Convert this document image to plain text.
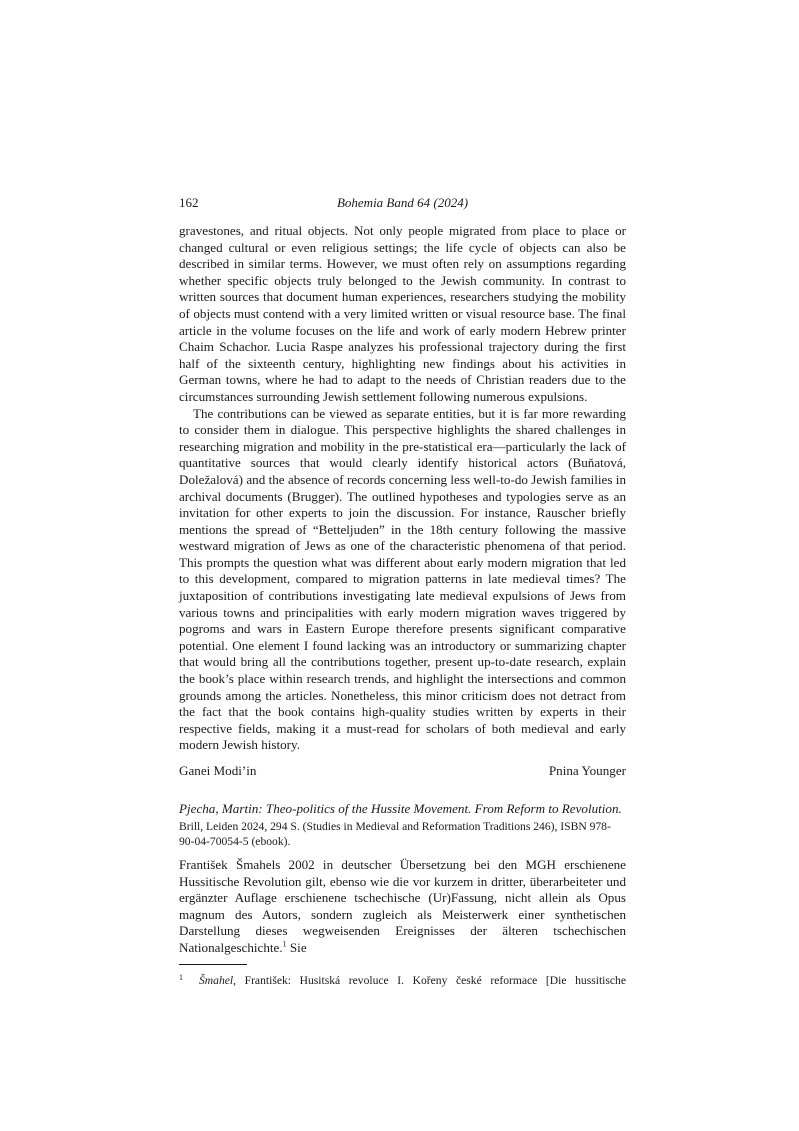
162	Bohemia Band 64 (2024)

gravestones, and ritual objects. Not only people migrated from place to place or changed cultural or even religious settings; the life cycle of objects can also be described in similar terms. However, we must often rely on assumptions regarding whether specific objects truly belonged to the Jewish community. In contrast to written sources that document human experiences, researchers studying the mobility of objects must contend with a very limited written or visual resource base. The final article in the volume focuses on the life and work of early modern Hebrew printer Chaim Schachor. Lucia Raspe analyzes his professional trajectory during the first half of the sixteenth century, highlighting new findings about his activities in German towns, where he had to adapt to the needs of Christian readers due to the circumstances surrounding Jewish settlement following numerous expulsions.

The contributions can be viewed as separate entities, but it is far more rewarding to consider them in dialogue. This perspective highlights the shared challenges in researching migration and mobility in the pre-statistical era—particularly the lack of quantitative sources that would clearly identify historical actors (Buňatová, Doležalová) and the absence of records concerning less well-to-do Jewish families in archival documents (Brugger). The outlined hypotheses and typologies serve as an invitation for other experts to join the discussion. For instance, Rauscher briefly mentions the spread of “Betteljuden” in the 18th century following the massive westward migration of Jews as one of the characteristic phenomena of that period. This prompts the question what was different about early modern migration that led to this development, compared to migration patterns in late medieval times? The juxtaposition of contributions investigating late medieval expulsions of Jews from various towns and principalities with early modern migration waves triggered by pogroms and wars in Eastern Europe therefore presents significant comparative potential. One element I found lacking was an introductory or summarizing chapter that would bring all the contributions together, present up-to-date research, explain the book’s place within research trends, and highlight the intersections and common grounds among the articles. Nonetheless, this minor criticism does not detract from the fact that the book contains high-quality studies written by experts in their respective fields, making it a must-read for scholars of both medieval and early modern Jewish history.

Ganei Modi’in	Pnina Younger
Pjecha, Martin: Theo-politics of the Hussite Movement. From Reform to Revolution.
Brill, Leiden 2024, 294 S. (Studies in Medieval and Reformation Traditions 246), ISBN 978-90-04-70054-5 (ebook).
František Šmahels 2002 in deutscher Übersetzung bei den MGH erschienene Hussitische Revolution gilt, ebenso wie die vor kurzem in dritter, überarbeiteter und ergänzter Auflage erschienene tschechische (Ur)Fassung, nicht allein als Opus magnum des Autors, sondern zugleich als Meisterwerk einer synthetischen Darstellung dieses wegweisenden Ereignisses der älteren tschechischen Nationalgeschichte.$^1$ Sie
1	Šmahel, František: Husitská revoluce I. Kořeny české reformace [Die hussitische
